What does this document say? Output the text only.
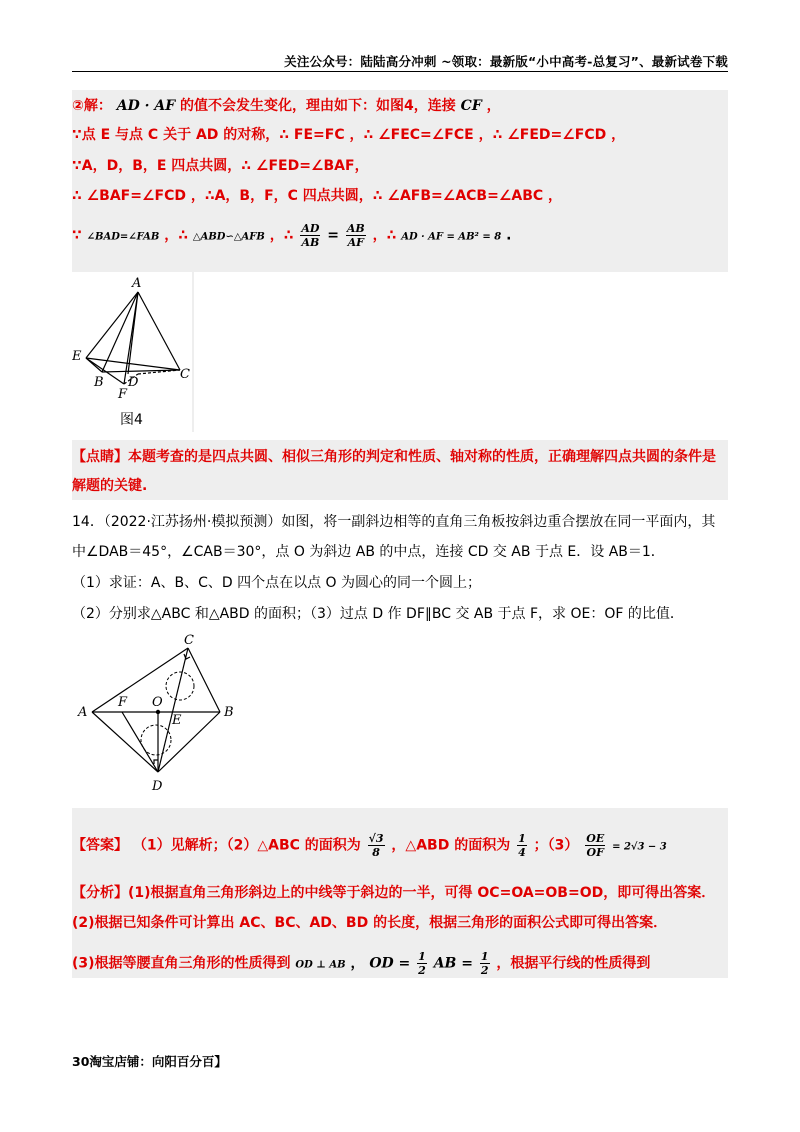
关注公众号：陆陆高分冲刺 ~领取：最新版“小中高考-总复习”、最新试卷下载
②解： AD · AF 的值不会发生变化，理由如下：如图4，连接 CF ，
∵点 E 与点 C 关于 AD 的对称，∴ FE=FC ，∴ ∠FEC=∠FCE ，∴ ∠FED=∠FCD ，
∵A，D，B，E 四点共圆，∴ ∠FED=∠BAF，
∴ ∠BAF=∠FCD ，∴A，B，F，C 四点共圆，∴ ∠AFB=∠ACB=∠ABC ，
∵ ∠BAD=∠FAB ，∴ △ABD∽△AFB ，∴ $\frac{AD}{AB} = \frac{AB}{AF}$ ，∴ AD · AF = AB² = 8 .
A
E
B D
C
F
图4
【点睛】本题考查的是四点共圆、相似三角形的判定和性质、轴对称的性质，正确理解四点共圆的条件是
解题的关键.
14．（2022·江苏扬州·模拟预测）如图，将一副斜边相等的直角三角板按斜边重合摆放在同一平面内，其
中∠DAB＝45°，∠CAB＝30°，点 O 为斜边 AB 的中点，连接 CD 交 AB 于点 E．设 AB＝1．
（1）求证：A、B、C、D 四个点在以点 O 为圆心的同一个圆上；
（2）分别求△ABC 和△ABD 的面积；（3）过点 D 作 DF∥BC 交 AB 于点 F，求 OE：OF 的比值．
A	B
C
D
F O
E
【答案】 （1）见解析；（2）△ABC 的面积为 $\frac{√3}{8}$ ，△ABD 的面积为 $\frac{1}{4}$ ；$(3) \frac{OE}{OF} = 2√3 - 3$
【分析】(1)根据直角三角形斜边上的中线等于斜边的一半，可得 OC=OA=OB=OD，即可得出答案．
(2)根据已知条件可计算出 AC、BC、AD、BD 的长度，根据三角形的面积公式即可得出答案．
(3)根据等腰直角三角形的性质得到 OD ⊥ AB ， OD = $\frac{1}{2}$ AB = $\frac{1}{2}$ ，根据平行线的性质得到
30淘宝店铺：向阳百分百】
